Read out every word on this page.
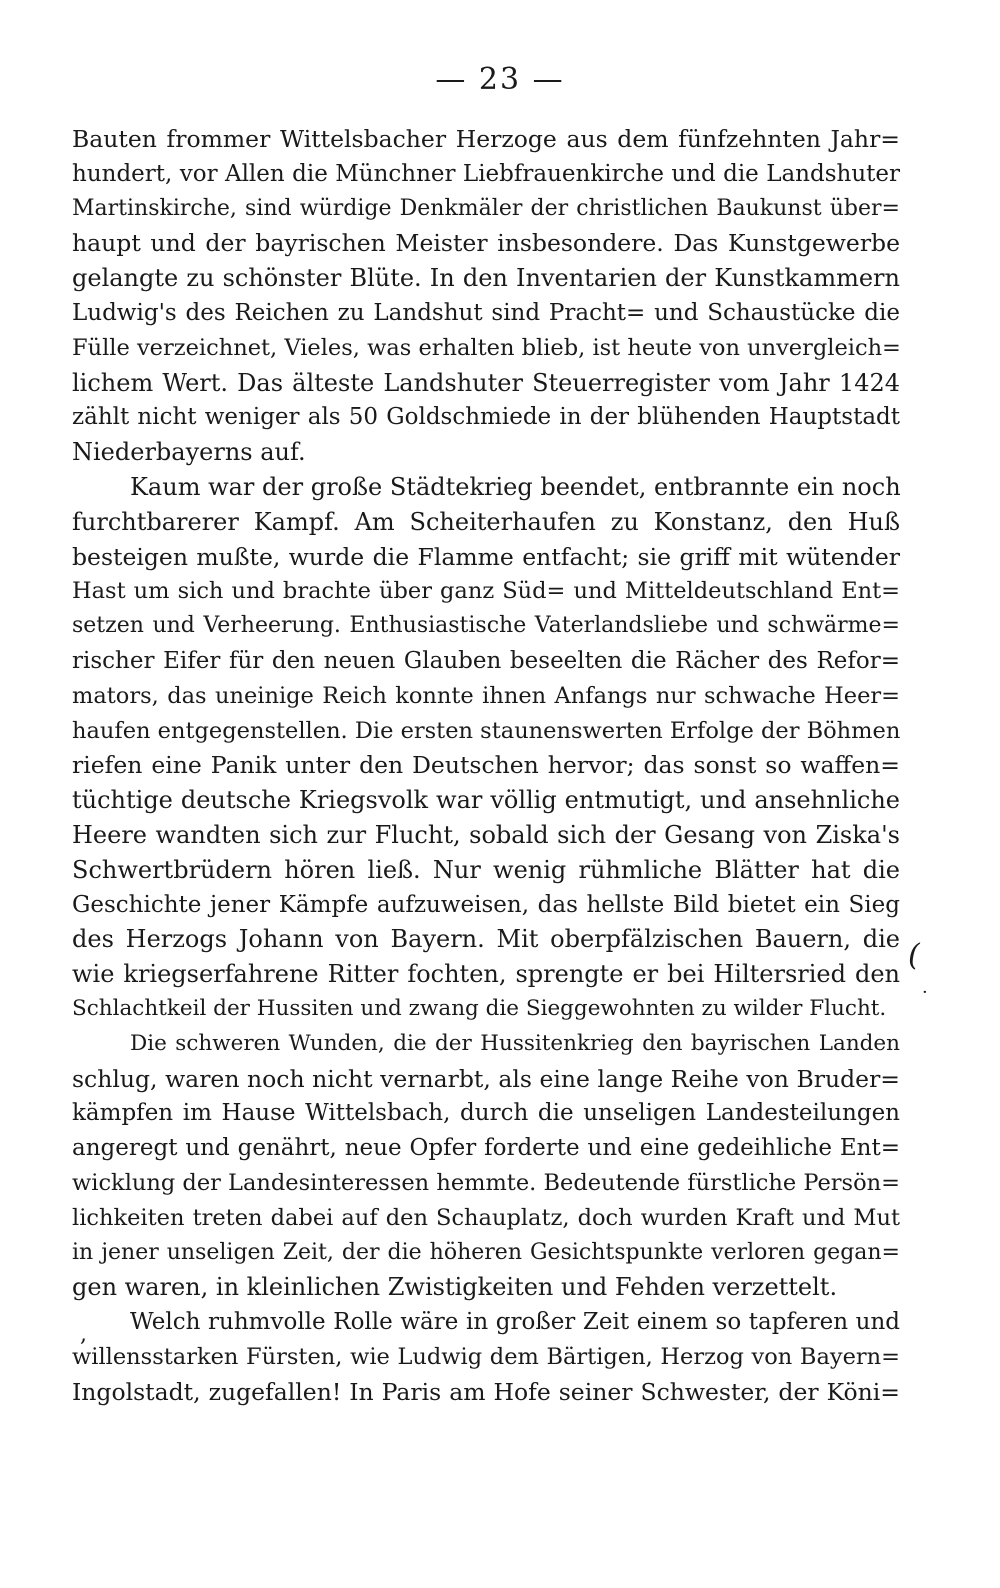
— 23 —
Bauten frommer Wittelsbacher Herzoge aus dem fünfzehnten Jahr=
hundert, vor Allen die Münchner Liebfrauenkirche und die Landshuter
Martinskirche, sind würdige Denkmäler der christlichen Baukunst über=
haupt und der bayrischen Meister insbesondere. Das Kunstgewerbe
gelangte zu schönster Blüte. In den Inventarien der Kunstkammern
Ludwig's des Reichen zu Landshut sind Pracht= und Schaustücke die
Fülle verzeichnet, Vieles, was erhalten blieb, ist heute von unvergleich=
lichem Wert. Das älteste Landshuter Steuerregister vom Jahr 1424
zählt nicht weniger als 50 Goldschmiede in der blühenden Hauptstadt
Niederbayerns auf.
Kaum war der große Städtekrieg beendet, entbrannte ein noch
furchtbarerer Kampf. Am Scheiterhaufen zu Konstanz, den Huß
besteigen mußte, wurde die Flamme entfacht; sie griff mit wütender
Hast um sich und brachte über ganz Süd= und Mitteldeutschland Ent=
setzen und Verheerung. Enthusiastische Vaterlandsliebe und schwärme=
rischer Eifer für den neuen Glauben beseelten die Rächer des Refor=
mators, das uneinige Reich konnte ihnen Anfangs nur schwache Heer=
haufen entgegenstellen. Die ersten staunenswerten Erfolge der Böhmen
riefen eine Panik unter den Deutschen hervor; das sonst so waffen=
tüchtige deutsche Kriegsvolk war völlig entmutigt, und ansehnliche
Heere wandten sich zur Flucht, sobald sich der Gesang von Ziska's
Schwertbrüdern hören ließ. Nur wenig rühmliche Blätter hat die
Geschichte jener Kämpfe aufzuweisen, das hellste Bild bietet ein Sieg
des Herzogs Johann von Bayern. Mit oberpfälzischen Bauern, die
wie kriegserfahrene Ritter fochten, sprengte er bei Hiltersried den
Schlachtkeil der Hussiten und zwang die Sieggewohnten zu wilder Flucht.
Die schweren Wunden, die der Hussitenkrieg den bayrischen Landen
schlug, waren noch nicht vernarbt, als eine lange Reihe von Bruder=
kämpfen im Hause Wittelsbach, durch die unseligen Landesteilungen
angeregt und genährt, neue Opfer forderte und eine gedeihliche Ent=
wicklung der Landesinteressen hemmte. Bedeutende fürstliche Persön=
lichkeiten treten dabei auf den Schauplatz, doch wurden Kraft und Mut
in jener unseligen Zeit, der die höheren Gesichtspunkte verloren gegan=
gen waren, in kleinlichen Zwistigkeiten und Fehden verzettelt.
Welch ruhmvolle Rolle wäre in großer Zeit einem so tapferen und
willensstarken Fürsten, wie Ludwig dem Bärtigen, Herzog von Bayern=
Ingolstadt, zugefallen! In Paris am Hofe seiner Schwester, der Köni=
(
·
,
